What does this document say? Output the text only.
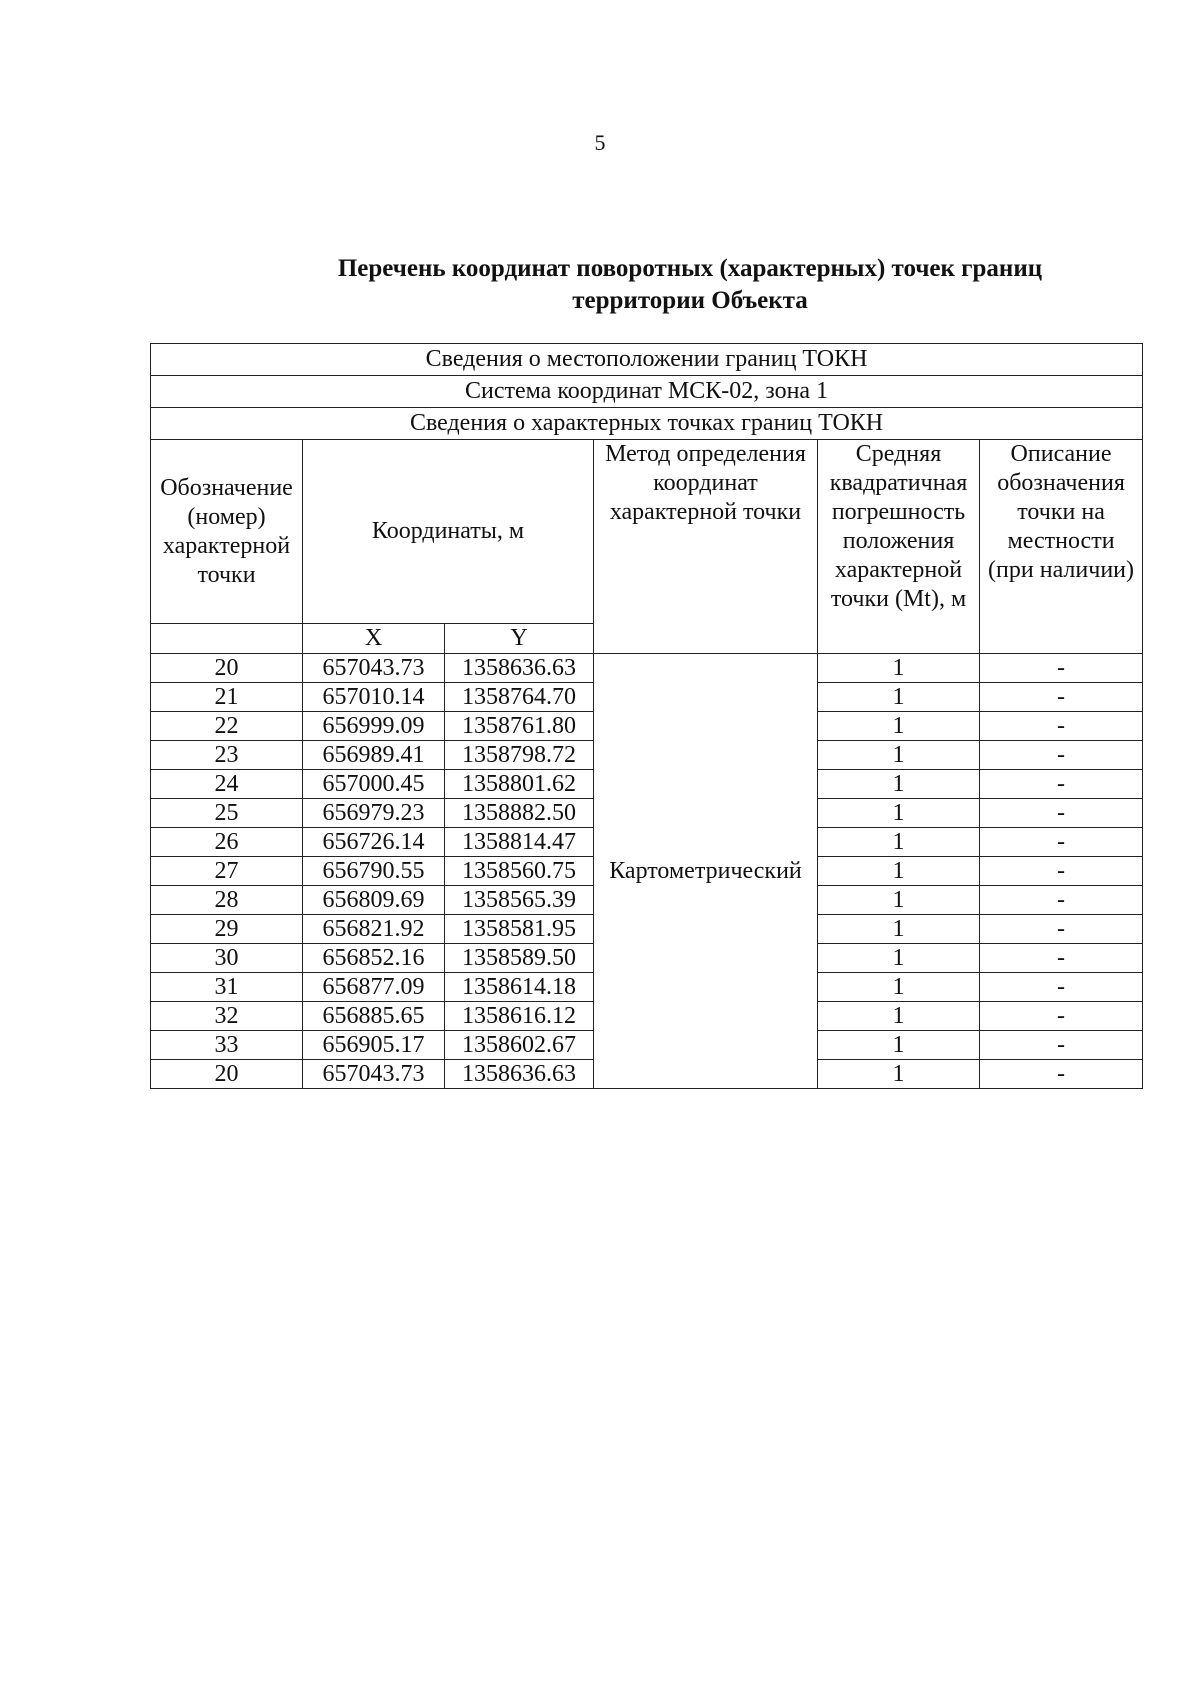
5
Перечень координат поворотных (характерных) точек границ
территории Объекта
Сведения о местоположении границ ТОКН					
Система координат МСК-02, зона 1					
Сведения о характерных точках границ ТОКН					
Обозначение (номер) характерной точки	Координаты, м		Метод определения координат характерной точки	Средняя квадратичная погрешность положения характерной точки (Mt), м	Описание обозначения точки на местности (при наличии)
	X	Y			
20	657043.73	1358636.63	Картометрический	1	-
21	657010.14	1358764.70		1	-
22	656999.09	1358761.80		1	-
23	656989.41	1358798.72		1	-
24	657000.45	1358801.62		1	-
25	656979.23	1358882.50		1	-
26	656726.14	1358814.47		1	-
27	656790.55	1358560.75		1	-
28	656809.69	1358565.39		1	-
29	656821.92	1358581.95		1	-
30	656852.16	1358589.50		1	-
31	656877.09	1358614.18		1	-
32	656885.65	1358616.12		1	-
33	656905.17	1358602.67		1	-
20	657043.73	1358636.63		1	-
